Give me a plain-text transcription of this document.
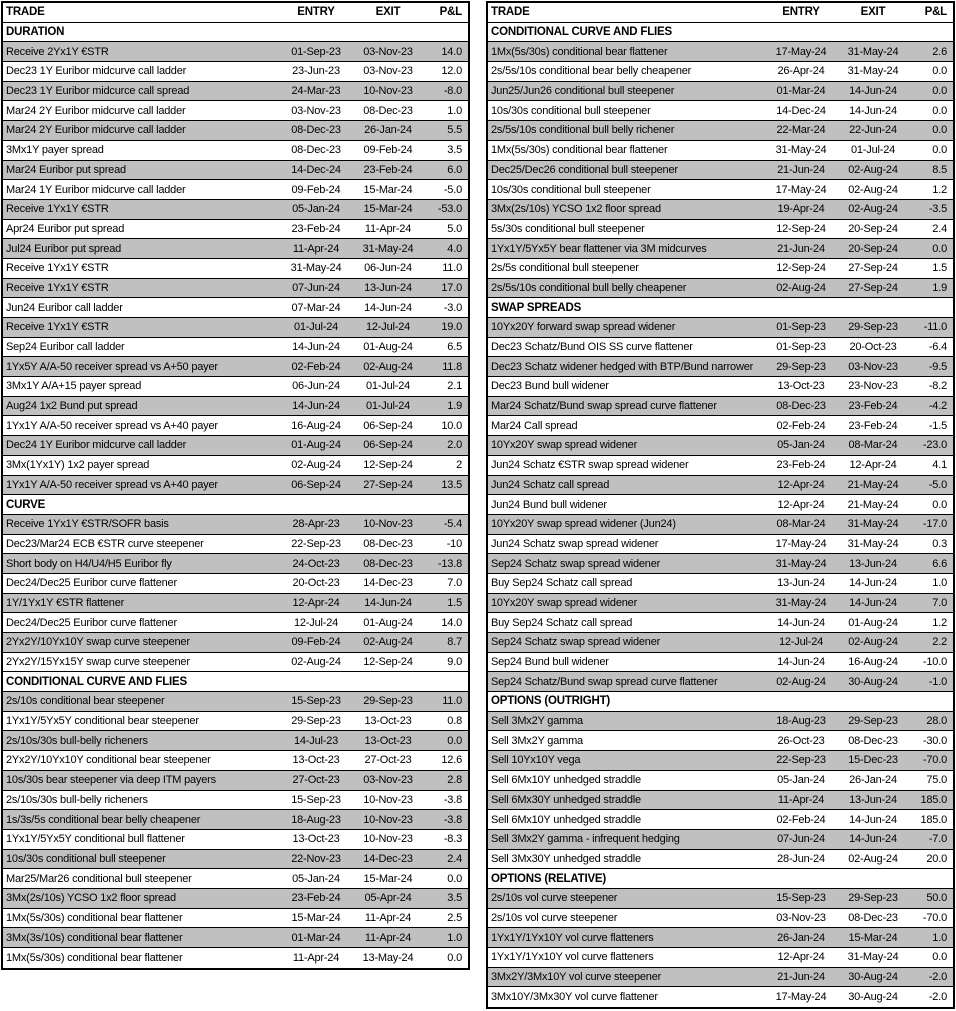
TRADE	ENTRY	EXIT	P&L
DURATION
Receive 2Yx1Y €STR	01-Sep-23	03-Nov-23	14.0
Dec23 1Y Euribor midcurve call ladder	23-Jun-23	03-Nov-23	12.0
Dec23 1Y Euribor midcurce call spread	24-Mar-23	10-Nov-23	-8.0
Mar24 2Y Euribor midcurve call ladder	03-Nov-23	08-Dec-23	1.0
Mar24 2Y Euribor midcurve call ladder	08-Dec-23	26-Jan-24	5.5
3Mx1Y payer spread	08-Dec-23	09-Feb-24	3.5
Mar24 Euribor put spread	14-Dec-24	23-Feb-24	6.0
Mar24 1Y Euribor midcurve call ladder	09-Feb-24	15-Mar-24	-5.0
Receive 1Yx1Y €STR	05-Jan-24	15-Mar-24	-53.0
Apr24 Euribor put spread	23-Feb-24	11-Apr-24	5.0
Jul24 Euribor put spread	11-Apr-24	31-May-24	4.0
Receive 1Yx1Y €STR	31-May-24	06-Jun-24	11.0
Receive 1Yx1Y €STR	07-Jun-24	13-Jun-24	17.0
Jun24 Euribor call ladder	07-Mar-24	14-Jun-24	-3.0
Receive 1Yx1Y €STR	01-Jul-24	12-Jul-24	19.0
Sep24 Euribor call ladder	14-Jun-24	01-Aug-24	6.5
1Yx5Y A/A-50 receiver spread vs A+50 payer	02-Feb-24	02-Aug-24	11.8
3Mx1Y A/A+15 payer spread	06-Jun-24	01-Jul-24	2.1
Aug24 1x2 Bund put spread	14-Jun-24	01-Jul-24	1.9
1Yx1Y A/A-50 receiver spread vs A+40 payer	16-Aug-24	06-Sep-24	10.0
Dec24 1Y Euribor midcurve call ladder	01-Aug-24	06-Sep-24	2.0
3Mx(1Yx1Y) 1x2 payer spread	02-Aug-24	12-Sep-24	2
1Yx1Y A/A-50 receiver spread vs A+40 payer	06-Sep-24	27-Sep-24	13.5
CURVE
Receive 1Yx1Y €STR/SOFR basis	28-Apr-23	10-Nov-23	-5.4
Dec23/Mar24 ECB €STR curve steepener	22-Sep-23	08-Dec-23	-10
Short body on H4/U4/H5 Euribor fly	24-Oct-23	08-Dec-23	-13.8
Dec24/Dec25 Euribor curve flattener	20-Oct-23	14-Dec-23	7.0
1Y/1Yx1Y €STR flattener	12-Apr-24	14-Jun-24	1.5
Dec24/Dec25 Euribor curve flattener	12-Jul-24	01-Aug-24	14.0
2Yx2Y/10Yx10Y swap curve steepener	09-Feb-24	02-Aug-24	8.7
2Yx2Y/15Yx15Y swap curve steepener	02-Aug-24	12-Sep-24	9.0
CONDITIONAL CURVE AND FLIES
2s/10s conditional bear steepener	15-Sep-23	29-Sep-23	11.0
1Yx1Y/5Yx5Y conditional bear steepener	29-Sep-23	13-Oct-23	0.8
2s/10s/30s bull-belly richeners	14-Jul-23	13-Oct-23	0.0
2Yx2Y/10Yx10Y conditional bear steepener	13-Oct-23	27-Oct-23	12.6
10s/30s bear steepener via deep ITM payers	27-Oct-23	03-Nov-23	2.8
2s/10s/30s bull-belly richeners	15-Sep-23	10-Nov-23	-3.8
1s/3s/5s conditional bear belly cheapener	18-Aug-23	10-Nov-23	-3.8
1Yx1Y/5Yx5Y conditional bull flattener	13-Oct-23	10-Nov-23	-8.3
10s/30s conditional bull steepener	22-Nov-23	14-Dec-23	2.4
Mar25/Mar26 conditional bull steepener	05-Jan-24	15-Mar-24	0.0
3Mx(2s/10s) YCSO 1x2 floor spread	23-Feb-24	05-Apr-24	3.5
1Mx(5s/30s) conditional bear flattener	15-Mar-24	11-Apr-24	2.5
3Mx(3s/10s) conditional bear flattener	01-Mar-24	11-Apr-24	1.0
1Mx(5s/30s) conditional bear flattener	11-Apr-24	13-May-24	0.0
TRADE	ENTRY	EXIT	P&L
CONDITIONAL CURVE AND FLIES
1Mx(5s/30s) conditional bear flattener	17-May-24	31-May-24	2.6
2s/5s/10s conditional bear belly cheapener	26-Apr-24	31-May-24	0.0
Jun25/Jun26 conditional bull steepener	01-Mar-24	14-Jun-24	0.0
10s/30s conditional bull steepener	14-Dec-24	14-Jun-24	0.0
2s/5s/10s conditional bull belly richener	22-Mar-24	22-Jun-24	0.0
1Mx(5s/30s) conditional bear flattener	31-May-24	01-Jul-24	0.0
Dec25/Dec26 conditional bull steepener	21-Jun-24	02-Aug-24	8.5
10s/30s conditional bull steepener	17-May-24	02-Aug-24	1.2
3Mx(2s/10s) YCSO 1x2 floor spread	19-Apr-24	02-Aug-24	-3.5
5s/30s conditional bull steepener	12-Sep-24	20-Sep-24	2.4
1Yx1Y/5Yx5Y bear flattener via 3M midcurves	21-Jun-24	20-Sep-24	0.0
2s/5s conditional bull steepener	12-Sep-24	27-Sep-24	1.5
2s/5s/10s conditional bull belly cheapener	02-Aug-24	27-Sep-24	1.9
SWAP SPREADS
10Yx20Y forward swap spread widener	01-Sep-23	29-Sep-23	-11.0
Dec23 Schatz/Bund OIS SS curve flattener	01-Sep-23	20-Oct-23	-6.4
Dec23 Schatz widener hedged with BTP/Bund narrower	29-Sep-23	03-Nov-23	-9.5
Dec23 Bund bull widener	13-Oct-23	23-Nov-23	-8.2
Mar24 Schatz/Bund swap spread curve flattener	08-Dec-23	23-Feb-24	-4.2
Mar24 Call spread	02-Feb-24	23-Feb-24	-1.5
10Yx20Y swap spread widener	05-Jan-24	08-Mar-24	-23.0
Jun24 Schatz €STR swap spread widener	23-Feb-24	12-Apr-24	4.1
Jun24 Schatz call spread	12-Apr-24	21-May-24	-5.0
Jun24 Bund bull widener	12-Apr-24	21-May-24	0.0
10Yx20Y swap spread widener (Jun24)	08-Mar-24	31-May-24	-17.0
Jun24 Schatz swap spread widener	17-May-24	31-May-24	0.3
Sep24 Schatz swap spread widener	31-May-24	13-Jun-24	6.6
Buy Sep24 Schatz call spread	13-Jun-24	14-Jun-24	1.0
10Yx20Y swap spread widener	31-May-24	14-Jun-24	7.0
Buy Sep24 Schatz call spread	14-Jun-24	01-Aug-24	1.2
Sep24 Schatz swap spread widener	12-Jul-24	02-Aug-24	2.2
Sep24 Bund bull widener	14-Jun-24	16-Aug-24	-10.0
Sep24 Schatz/Bund swap spread curve flattener	02-Aug-24	30-Aug-24	-1.0
OPTIONS (OUTRIGHT)
Sell 3Mx2Y gamma	18-Aug-23	29-Sep-23	28.0
Sell 3Mx2Y gamma	26-Oct-23	08-Dec-23	-30.0
Sell 10Yx10Y vega	22-Sep-23	15-Dec-23	-70.0
Sell 6Mx10Y unhedged straddle	05-Jan-24	26-Jan-24	75.0
Sell 6Mx30Y unhedged straddle	11-Apr-24	13-Jun-24	185.0
Sell 6Mx10Y unhedged straddle	02-Feb-24	14-Jun-24	185.0
Sell 3Mx2Y gamma - infrequent hedging	07-Jun-24	14-Jun-24	-7.0
Sell 3Mx30Y unhedged straddle	28-Jun-24	02-Aug-24	20.0
OPTIONS (RELATIVE)
2s/10s vol curve steepener	15-Sep-23	29-Sep-23	50.0
2s/10s vol curve steepener	03-Nov-23	08-Dec-23	-70.0
1Yx1Y/1Yx10Y vol curve flatteners	26-Jan-24	15-Mar-24	1.0
1Yx1Y/1Yx10Y vol curve flatteners	12-Apr-24	31-May-24	0.0
3Mx2Y/3Mx10Y vol curve steepener	21-Jun-24	30-Aug-24	-2.0
3Mx10Y/3Mx30Y vol curve flattener	17-May-24	30-Aug-24	-2.0
